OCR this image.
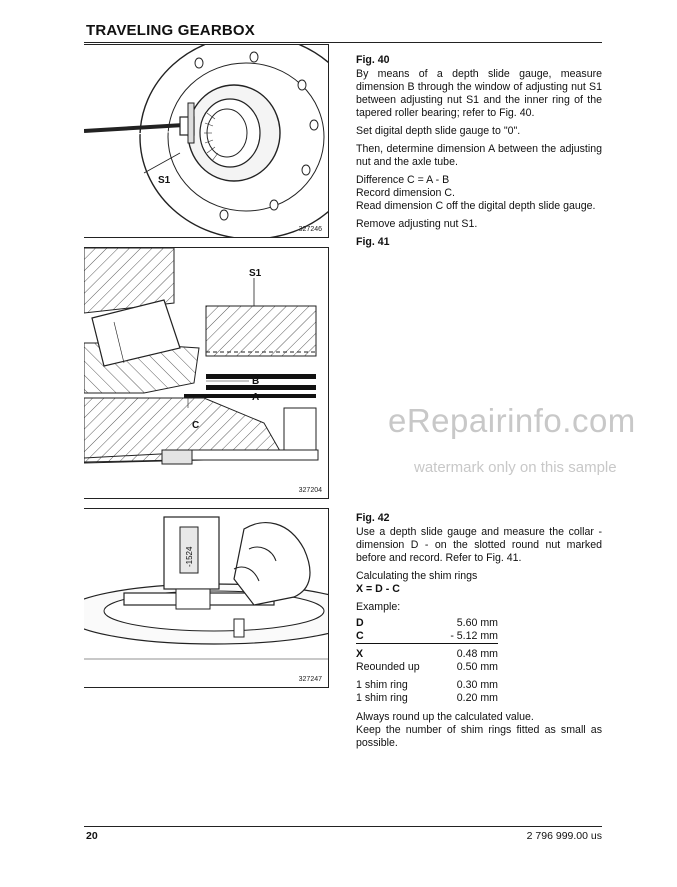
TRAVELING GEARBOX
S1
327246
S1
B
A
C
327204
-1524
327247
Fig. 40

By means of a depth slide gauge, measure dimension B through the window of adjusting nut S1 between adjusting nut S1 and the inner ring of the tapered roller bearing; refer to Fig. 40.

Set digital depth slide gauge to "0".

Then, determine dimension A between the adjusting nut and the axle tube.

Difference C = A - B
Record dimension C.

Read dimension C off the digital depth slide gauge.

Remove adjusting nut S1.

Fig. 41
Fig. 42

Use a depth slide gauge and measure the collar - dimension D - on the slotted round nut marked before and record. Refer to Fig. 41.

Calculating the shim rings

X = D - C

Example:

D	5.60 mm
C	- 5.12 mm
X	0.48 mm
Reounded up	0.50 mm
1 shim ring	0.30 mm
1 shim ring	0.20 mm
Always round up the calculated value.

Keep the number of shim rings fitted as small as possible.

eRepairinfo.com
watermark only on this sample
20	2 796 999.00 us
